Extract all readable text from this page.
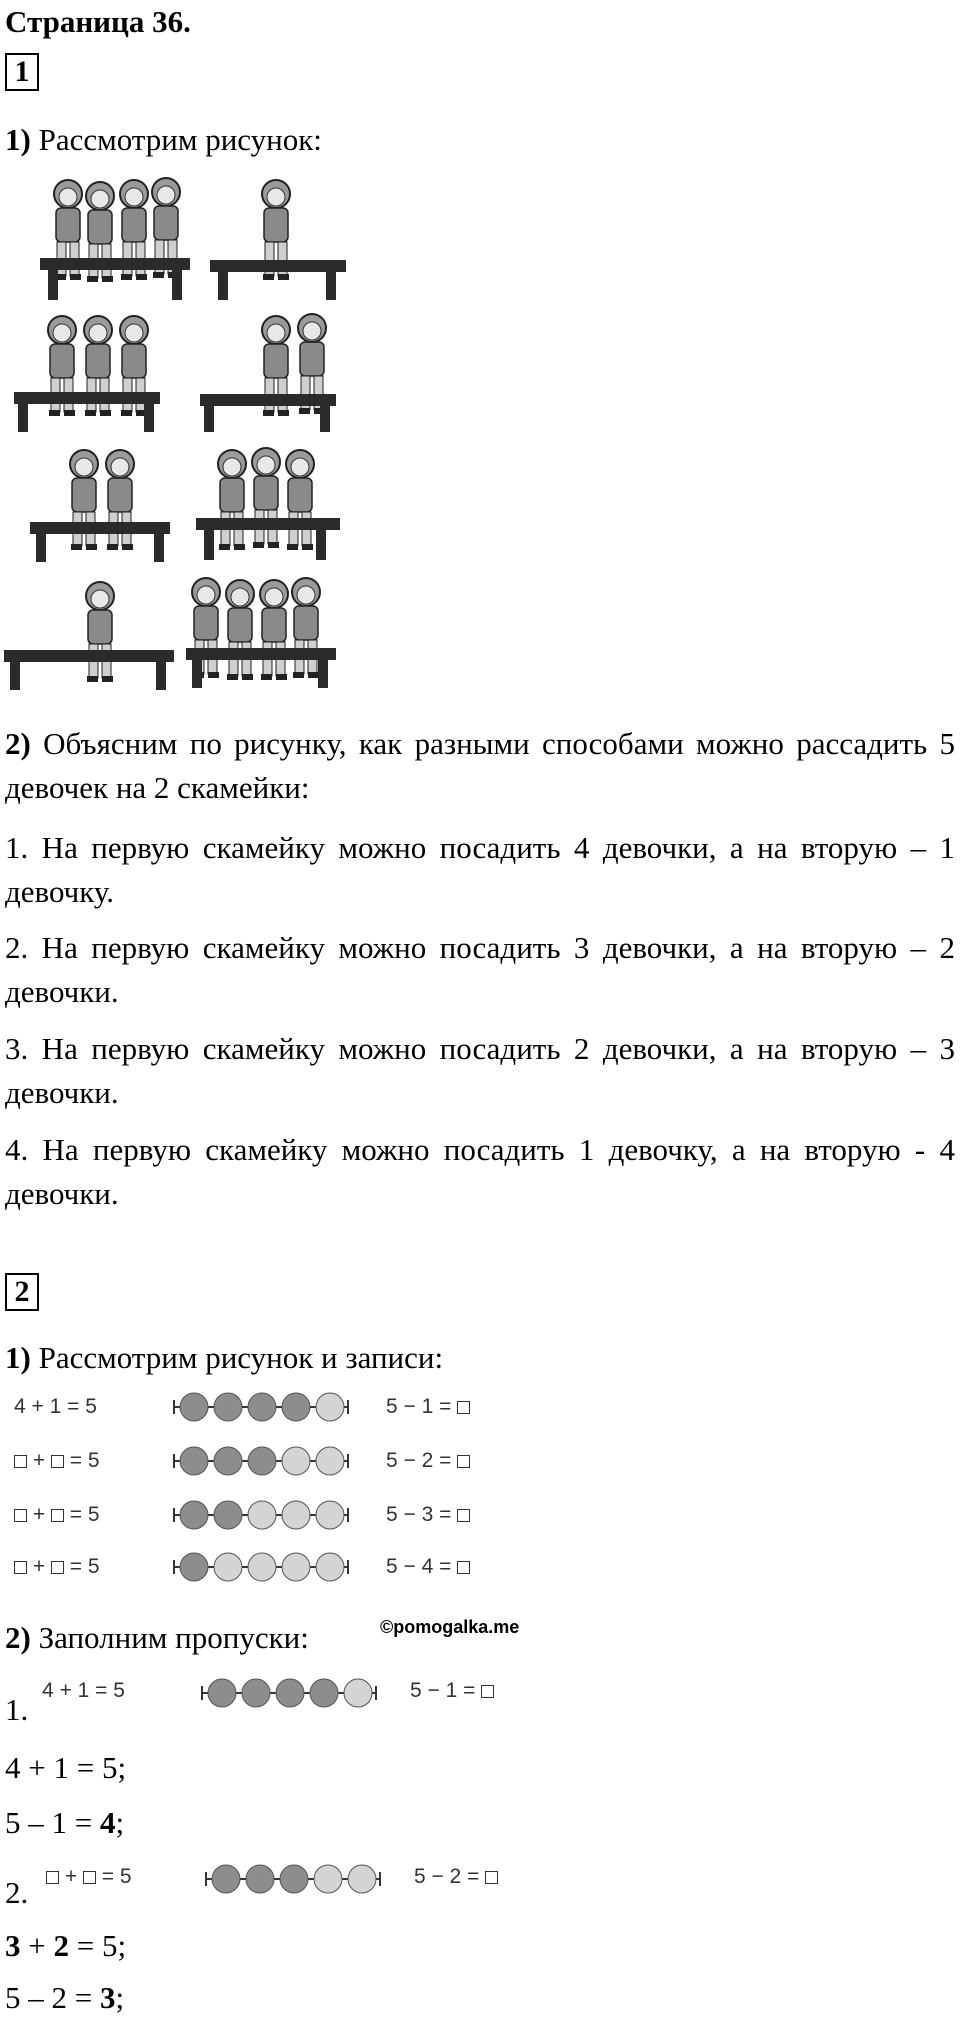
Страница 36.
1
1) Рассмотрим рисунок:
2) Объясним по рисунку, как разными способами можно рассадить 5 девочек на 2 скамейки:
1. На первую скамейку можно посадить 4 девочки, а на вторую – 1 девочку.
2. На первую скамейку можно посадить 3 девочки, а на вторую – 2 девочки.
3. На первую скамейку можно посадить 2 девочки, а на вторую – 3 девочки.
4. На первую скамейку можно посадить 1 девочку, а на вторую - 4 девочки.
2
1) Рассмотрим рисунок и записи:
4 + 1 = 5	5 − 1 =
+  = 5	5 − 2 =
+  = 5	5 − 3 =
+  = 5	5 − 4 =
2) Заполним пропуски:	©pomogalka.me
1.
4 + 1 = 5	5 − 1 =
4 + 1 = 5;
5 – 1 = 4;
2.	+ = 5	5 − 2 =
3 + 2 = 5;
5 – 2 = 3;
